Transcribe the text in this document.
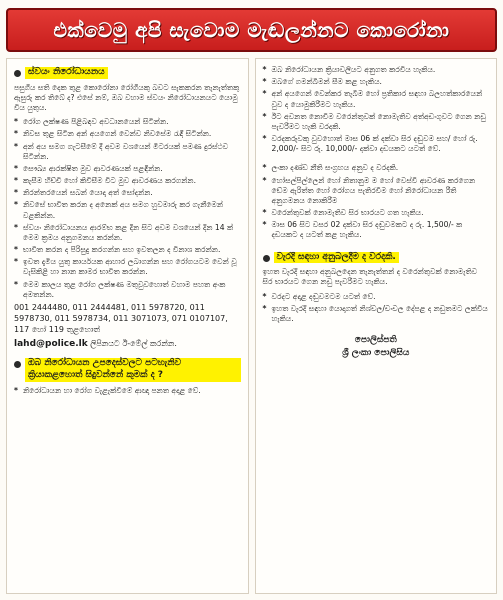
එක්වෙමු අපි සැවොම මැඬලන්නට කොරෝනා
ස්වයං නිරෝධායනය

පසුගිය සති දෙක තුළ කොරෝනා රෝගියකු බවට සැකකරන තැනැත්තකු ඇසුරු කර තිබේ ද? එසේ නම්, ඔබ වහාම ස්වයං නිරෝධායනයට යොමු විය යුතුය.

* රෝග ලක්ෂණ පිළිබඳව අවධානයෙන් සිටින්න.
* නිවස තුළ සිටින අන් අයගෙන් වෙන්ව නිවසේම රැඳී සිටින්න.
* අන් අය සමග ගැටසීමේ දී අවම වශයෙන් මීටරයක් පමණ දුරස්ථව සිටින්න.
* සෞඛ්‍ය ආරක්ෂිත මුව ආවරණයක් පළඳින්න.
* කැසීම හිච්චි හෝ කිවිසීම විට මුව ආවරණය කරගන්න.
* නිරන්තරයෙන් සබන් යොදා අත් සෝදන්න.
* නිවසේ භාවිත කරන ද අනෙක් අය සමග හුවමාරු කර ගැනීමෙන් වළකින්න.
* ස්වයං නිරෝධායනය ආරම්භ කළ දින සිට අවම වශයෙන් දින 14 ක් මෙම ක්‍රමය අනුගමනය කරන්න.
* භාවිත කරන ද පිරිසුදු කරගන්න සහ ඉවතලන ද විනාශ කරන්න.
* ඉවත දැමිය යුතු කාර්යයක ආහාර ලබාගන්න සහ රෝගයටම වෙන් වූ වැසිකිළි හා නාන කාමර භාවිත කරන්න.
* මෙම කාලය තුළ රෝග ලක්ෂණ මතුවුවහොත් වහාම පහත අංක අමතන්න.
001 2444480, 011 2444481, 011 5978720, 011 5978730, 011 5978734, 011 3071073, 071 0107107, 117 හෝ 119 තුළහොත්
lahd@police.lk ලිපිනයට ඊ-මේල් කරන්න.
ඔබ නිරෝධායන උපදෙස්වලට පටහැනිව ක්‍රියාකළහොත් සිදුවන්නේ කුමක් ද ?
* නිරෝධායන හා රෝග වැළැක්වීමේ ආඥා පනත අදාළ වේ.
* ඔබ නිරෝධායන ක්‍රියාවලියට අනුගත කරවිය හැකිය.
* ඔබගේ ගමන්බිමන් සීම කළ හැකිය.
* අන් අයගෙන් වෙන්කර තැබීම හෝ ප්‍රතිකාර සඳහා බලහත්කාරයෙන් වුව ද යොමුකිරීමට හැකිය.
* ඊට අවනත නොවීම වරෙන්තුවක් නොමැතිව අත්අඩංගුවට ගෙන නඩු පැවරීමට හැකි වරදකි.
* වරදකරුවකු වුවහොත් මාස 06 ක් දක්වා සිර දඬුවම සහ/ හෝ රු. 2,000/- සිට රු. 10,000/- දක්වා දඩයකට යටත් වේ.
* ලංකා දණ්ඩ නීති සංග්‍රහය අනුව ද වරදකි.
* හෝසල්පිල්ලෙන් හෝ නිතානුම ම හෝ වෙස්වී ආවරණ කරගෙන ඩේම ඇරිත්ත හෝ රෝගය පැතිරවීම හෝ නිරෝධායන රීති අනුගමනය නොකිරීම
* වරෙන්තුවක් නොමැතිව සිර භාරයට ගත හැකිය.
* මාස 06 සිට වසර 02 දක්වා සිර දඬුවමකට ද රු. 1,500/- ක දඩයකට ද යටත් කළ හැකිය.
වැරදි සඳහා අනුබලදීම ද වරදකි.

ඉහත වැරදි සඳහා අනුබලදෙන තැනැත්තන් ද වරෙන්තුවක් නොමැතිව සිර භාරයට ගෙන නඩු පැවරීමට හැකිය.

* වරදට අදාළ දඬුවමටම යටත් වේ.
* ඉහත වැරදි සඳහා යොදාගත් නිශ්චල/චංචල දේපළ ද නඩුතමට ලක්විය හැකිය.
පොලිස්පති
ශ්‍රී ලංකා පොලිසිය
